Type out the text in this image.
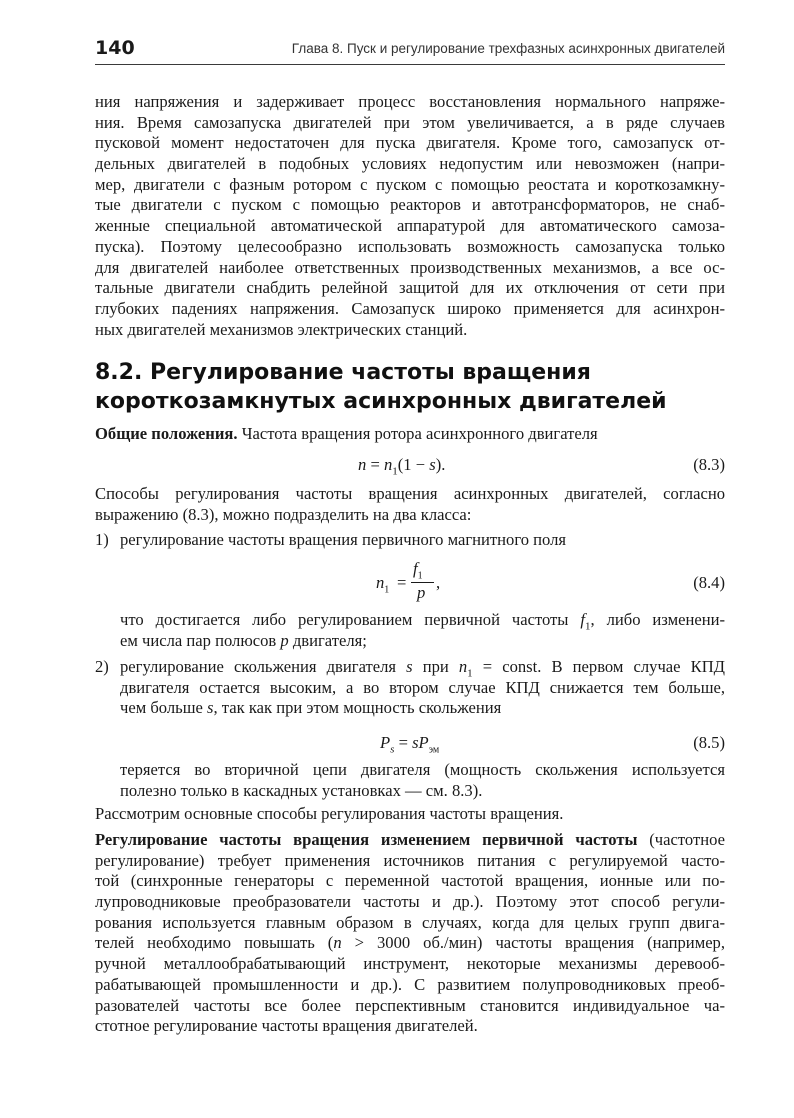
140	Глава 8. Пуск и регулирование трехфазных асинхронных двигателей
ния напряжения и задерживает процесс восстановления нормального напряже-
ния. Время самозапуска двигателей при этом увеличивается, а в ряде случаев
пусковой момент недостаточен для пуска двигателя. Кроме того, самозапуск от-
дельных двигателей в подобных условиях недопустим или невозможен (напри-
мер, двигатели с фазным ротором с пуском с помощью реостата и короткозамкну-
тые двигатели с пуском с помощью реакторов и автотрансформаторов, не снаб-
женные специальной автоматической аппаратурой для автоматического самоза-
пуска). Поэтому целесообразно использовать возможность самозапуска только
для двигателей наиболее ответственных производственных механизмов, а все ос-
тальные двигатели снабдить релейной защитой для их отключения от сети при
глубоких падениях напряжения. Самозапуск широко применяется для асинхрон-
ных двигателей механизмов электрических станций.
8.2. Регулирование частоты вращения
короткозамкнутых асинхронных двигателей
Общие положения. Частота вращения ротора асинхронного двигателя
$n = n_1(1 - s)$.	(8.3)
Способы регулирования частоты вращения асинхронных двигателей, согласно
выражению (8.3), можно подразделить на два класса:
1) регулирование частоты вращения первичного магнитного поля
$n_1$ =
$f_1$
p
,	(8.4)
что достигается либо регулированием первичной частоты $f_1$, либо изменени-
ем числа пар полюсов p двигателя;
2) регулирование скольжения двигателя s при $n_1$ = const. В первом случае КПД
двигателя остается высоким, а во втором случае КПД снижается тем больше,
чем больше s, так как при этом мощность скольжения
$P_s = sP_{эм}$	(8.5)
теряется во вторичной цепи двигателя (мощность скольжения используется
полезно только в каскадных установках — см. 8.3).
Рассмотрим основные способы регулирования частоты вращения.
Регулирование частоты вращения изменением первичной частоты (частотное
регулирование) требует применения источников питания с регулируемой часто-
той (синхронные генераторы с переменной частотой вращения, ионные или по-
лупроводниковые преобразователи частоты и др.). Поэтому этот способ регули-
рования используется главным образом в случаях, когда для целых групп двига-
телей необходимо повышать (n > 3000 об./мин) частоты вращения (например,
ручной металлообрабатывающий инструмент, некоторые механизмы деревооб-
рабатывающей промышленности и др.). С развитием полупроводниковых преоб-
разователей частоты все более перспективным становится индивидуальное ча-
стотное регулирование частоты вращения двигателей.
